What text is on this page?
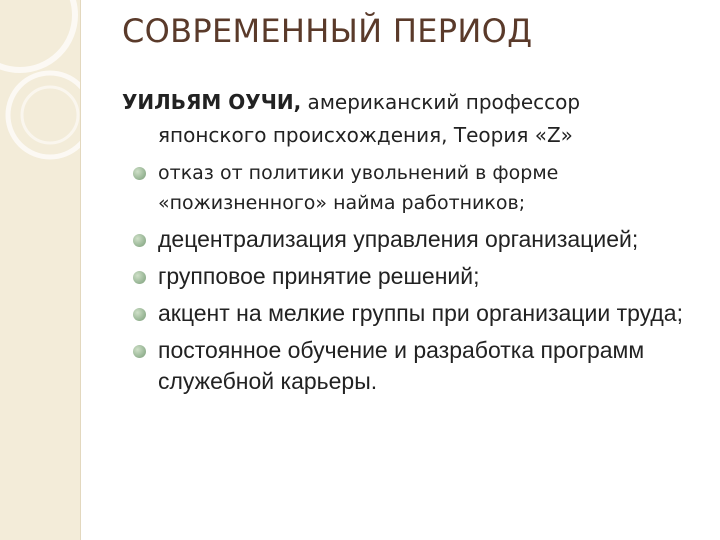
СОВРЕМЕННЫЙ ПЕРИОД

УИЛЬЯМ ОУЧИ, американский профессор
японского происхождения, Теория «Z»

отказ от политики увольнений в форме «пожизненного» найма работников;
децентрализация управления организацией;
групповое принятие решений;
акцент на мелкие группы при организации труда;
постоянное обучение и разработка программ служебной карьеры.
